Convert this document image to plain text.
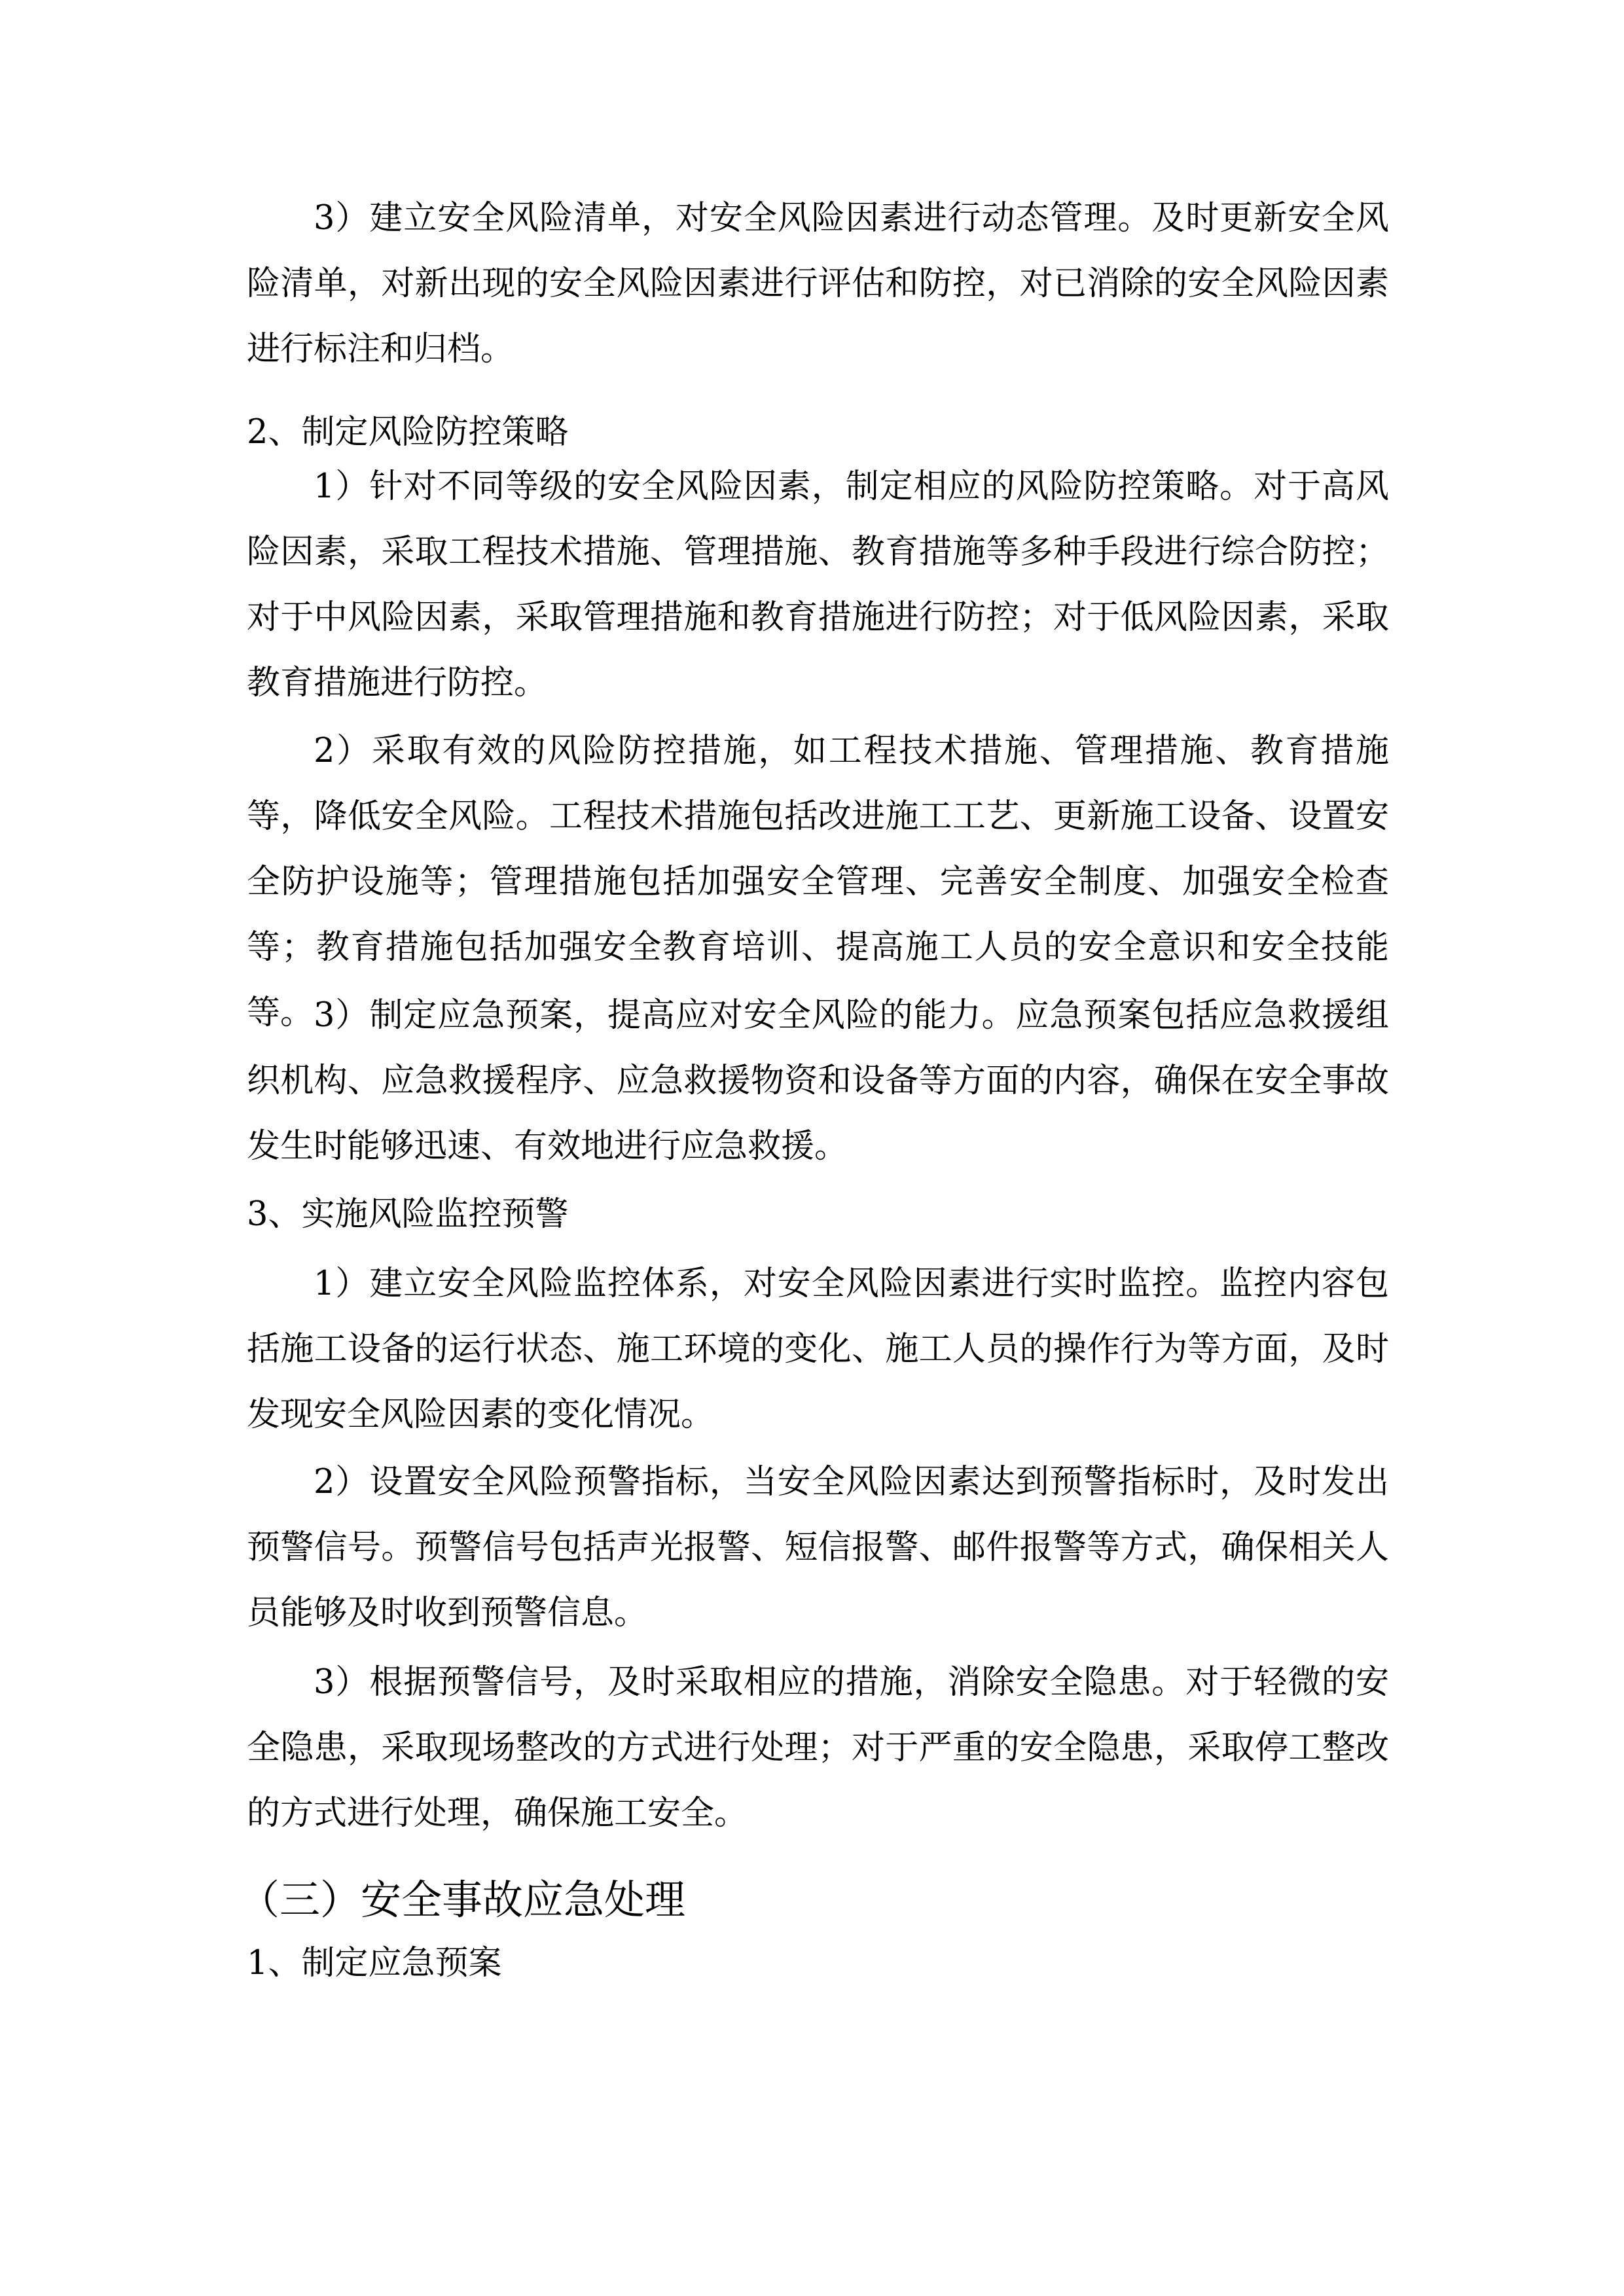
3）建立安全风险清单，对安全风险因素进行动态管理。及时更新安全风险清单，对新出现的安全风险因素进行评估和防控，对已消除的安全风险因素进行标注和归档。

2、制定风险防控策略

1）针对不同等级的安全风险因素，制定相应的风险防控策略。对于高风险因素，采取工程技术措施、管理措施、教育措施等多种手段进行综合防控；对于中风险因素，采取管理措施和教育措施进行防控；对于低风险因素，采取教育措施进行防控。

2）采取有效的风险防控措施，如工程技术措施、管理措施、教育措施等，降低安全风险。工程技术措施包括改进施工工艺、更新施工设备、设置安全防护设施等；管理措施包括加强安全管理、完善安全制度、加强安全检查等；教育措施包括加强安全教育培训、提高施工人员的安全意识和安全技能等。 3）制定应急预案，提高应对安全风险的能力。应急预案包括应急救援组织机构、应急救援程序、应急救援物资和设备等方面的内容，确保在安全事故发生时能够迅速、有效地进行应急救援。

3、实施风险监控预警

1）建立安全风险监控体系，对安全风险因素进行实时监控。监控内容包括施工设备的运行状态、施工环境的变化、施工人员的操作行为等方面，及时发现安全风险因素的变化情况。

2）设置安全风险预警指标，当安全风险因素达到预警指标时，及时发出预警信号。预警信号包括声光报警、短信报警、邮件报警等方式，确保相关人员能够及时收到预警信息。

3）根据预警信号，及时采取相应的措施，消除安全隐患。对于轻微的安全隐患，采取现场整改的方式进行处理；对于严重的安全隐患，采取停工整改的方式进行处理，确保施工安全。

（三）安全事故应急处理

1、制定应急预案
